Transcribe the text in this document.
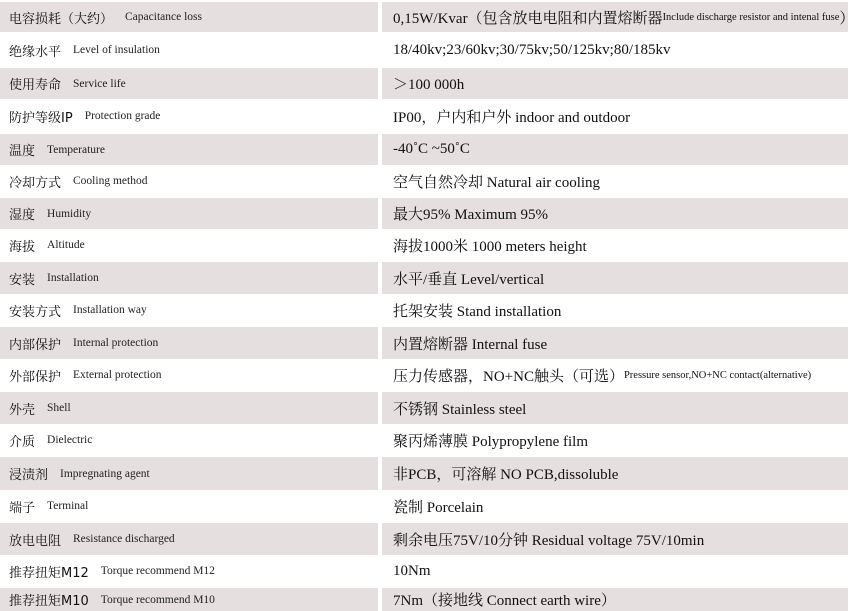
电容损耗（大约） Capacitance loss	0,15W/Kvar（包含放电电阻和内置熔断器 Include discharge resistor and intenal fuse ）
绝缘水平 Level of insulation	18/40kv;23/60kv;30/75kv;50/125kv;80/185kv
使用寿命 Service life	＞100 000h
防护等级IP Protection grade	IP00，户内和户外 indoor and outdoor
温度 Temperature	-40˚C ~50˚C
冷却方式 Cooling method	空气自然冷却 Natural air cooling
湿度 Humidity	最大95% Maximum 95%
海拔 Altitude	海拔1000米 1000 meters height
安装 Installation	水平/垂直 Level/vertical
安装方式 Installation way	托架安装 Stand installation
内部保护 Internal protection	内置熔断器 Internal fuse
外部保护 External protection	压力传感器，NO+NC触头（可选） Pressure sensor,NO+NC contact(alternative)
外壳 Shell	不锈钢 Stainless steel
介质 Dielectric	聚丙烯薄膜 Polypropylene film
浸渍剂 Impregnating agent	非PCB，可溶解 NO PCB,dissoluble
端子 Terminal	瓷制 Porcelain
放电电阻 Resistance discharged	剩余电压75V/10分钟 Residual voltage 75V/10min
推荐扭矩M12 Torque recommend M12	10Nm
推荐扭矩M10 Torque recommend M10	7Nm（接地线 Connect earth wire）
